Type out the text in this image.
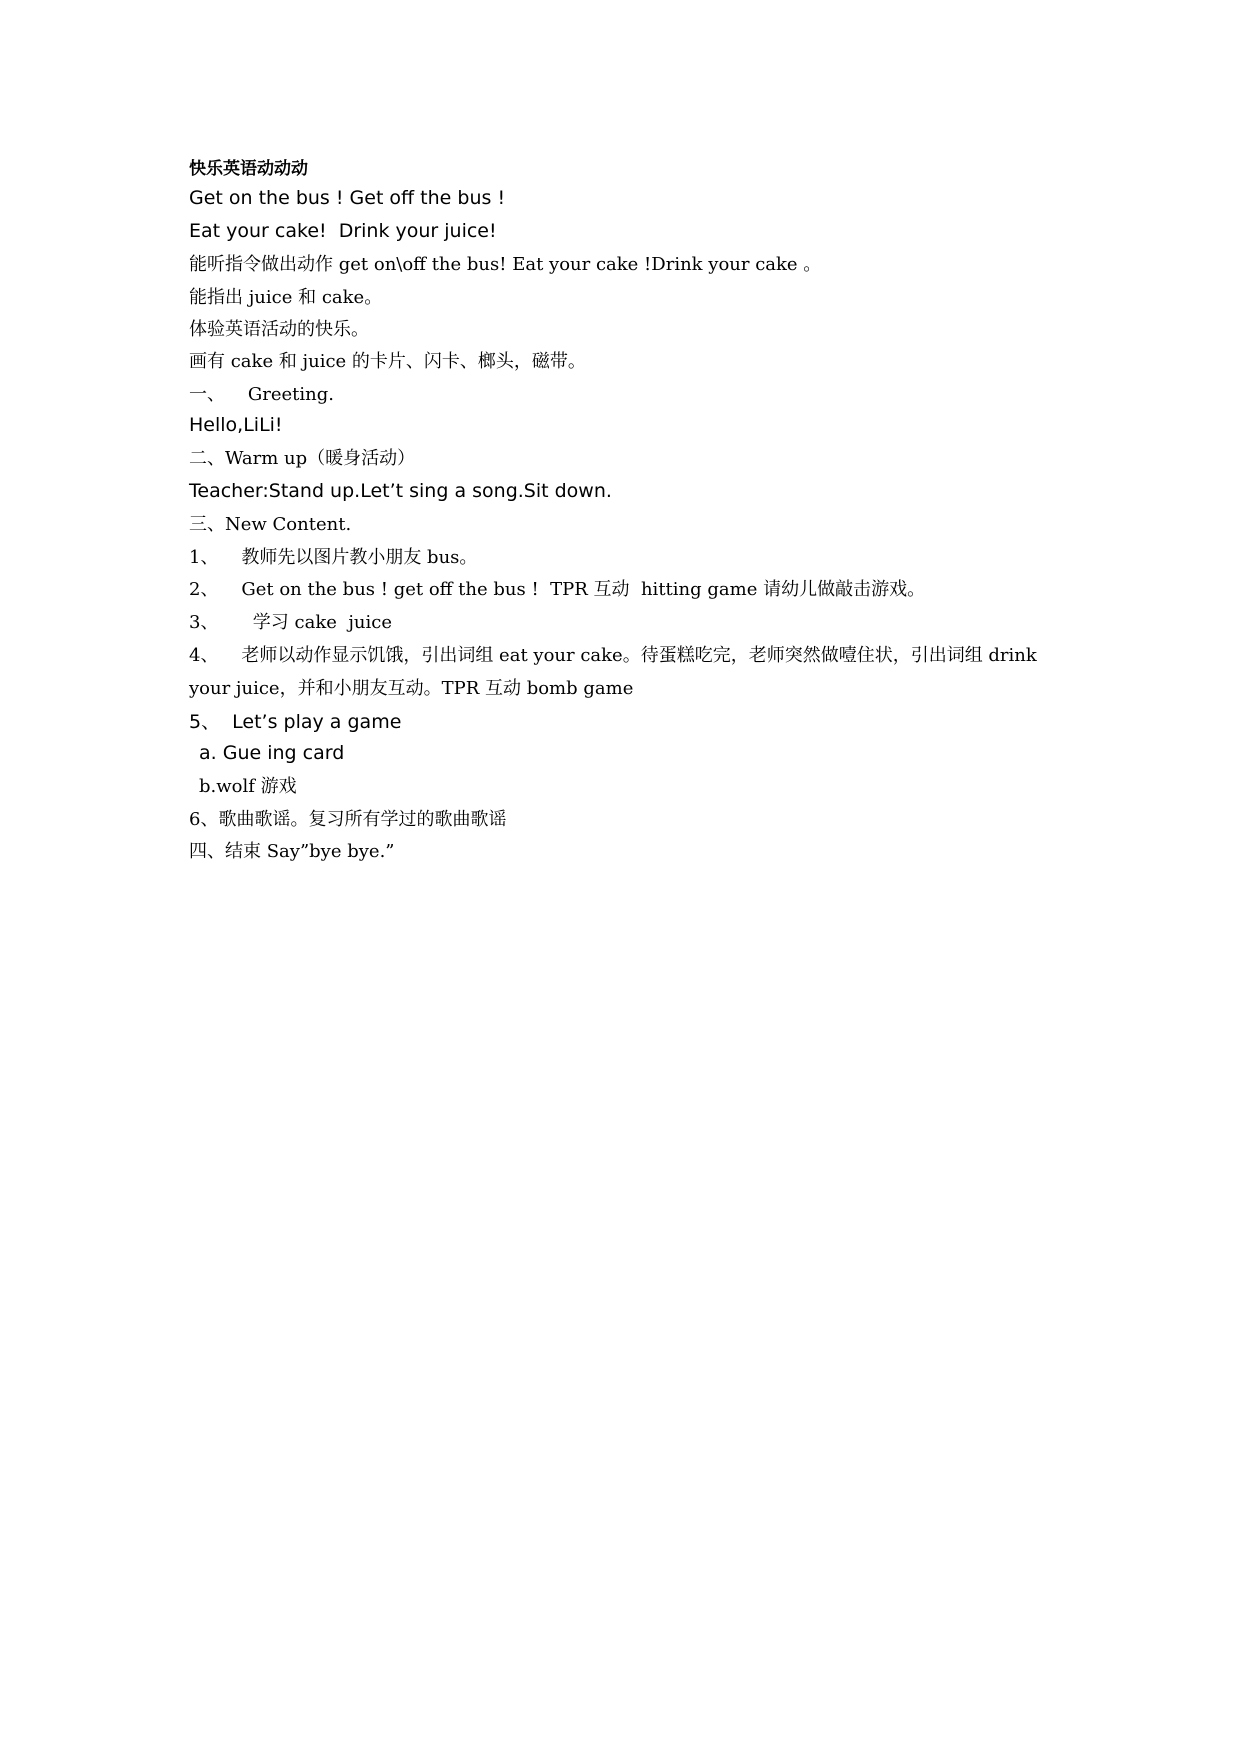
快乐英语动动动
Get on the bus ! Get off the bus !
Eat your cake!  Drink your juice!
能听指令做出动作 get on\off the bus! Eat your cake !Drink your cake 。
能指出 juice 和 cake。
体验英语活动的快乐。
画有 cake 和 juice 的卡片、闪卡、榔头，磁带。
一、    Greeting.
Hello,LiLi!
二、Warm up（暖身活动）
Teacher:Stand up.Let’t sing a song.Sit down.
三、New Content.
1、    教师先以图片教小朋友 bus。
2、    Get on the bus ! get off the bus !  TPR 互动  hitting game 请幼儿做敲击游戏。
3、      学习 cake  juice
4、    老师以动作显示饥饿，引出词组 eat your cake。待蛋糕吃完，老师突然做噎住状，引出词组 drink
your juice，并和小朋友互动。TPR 互动 bomb game
5、  Let’s play a game
a. Gue ing card
b.wolf 游戏
6、歌曲歌谣。复习所有学过的歌曲歌谣
四、结束 Say”bye bye.”
